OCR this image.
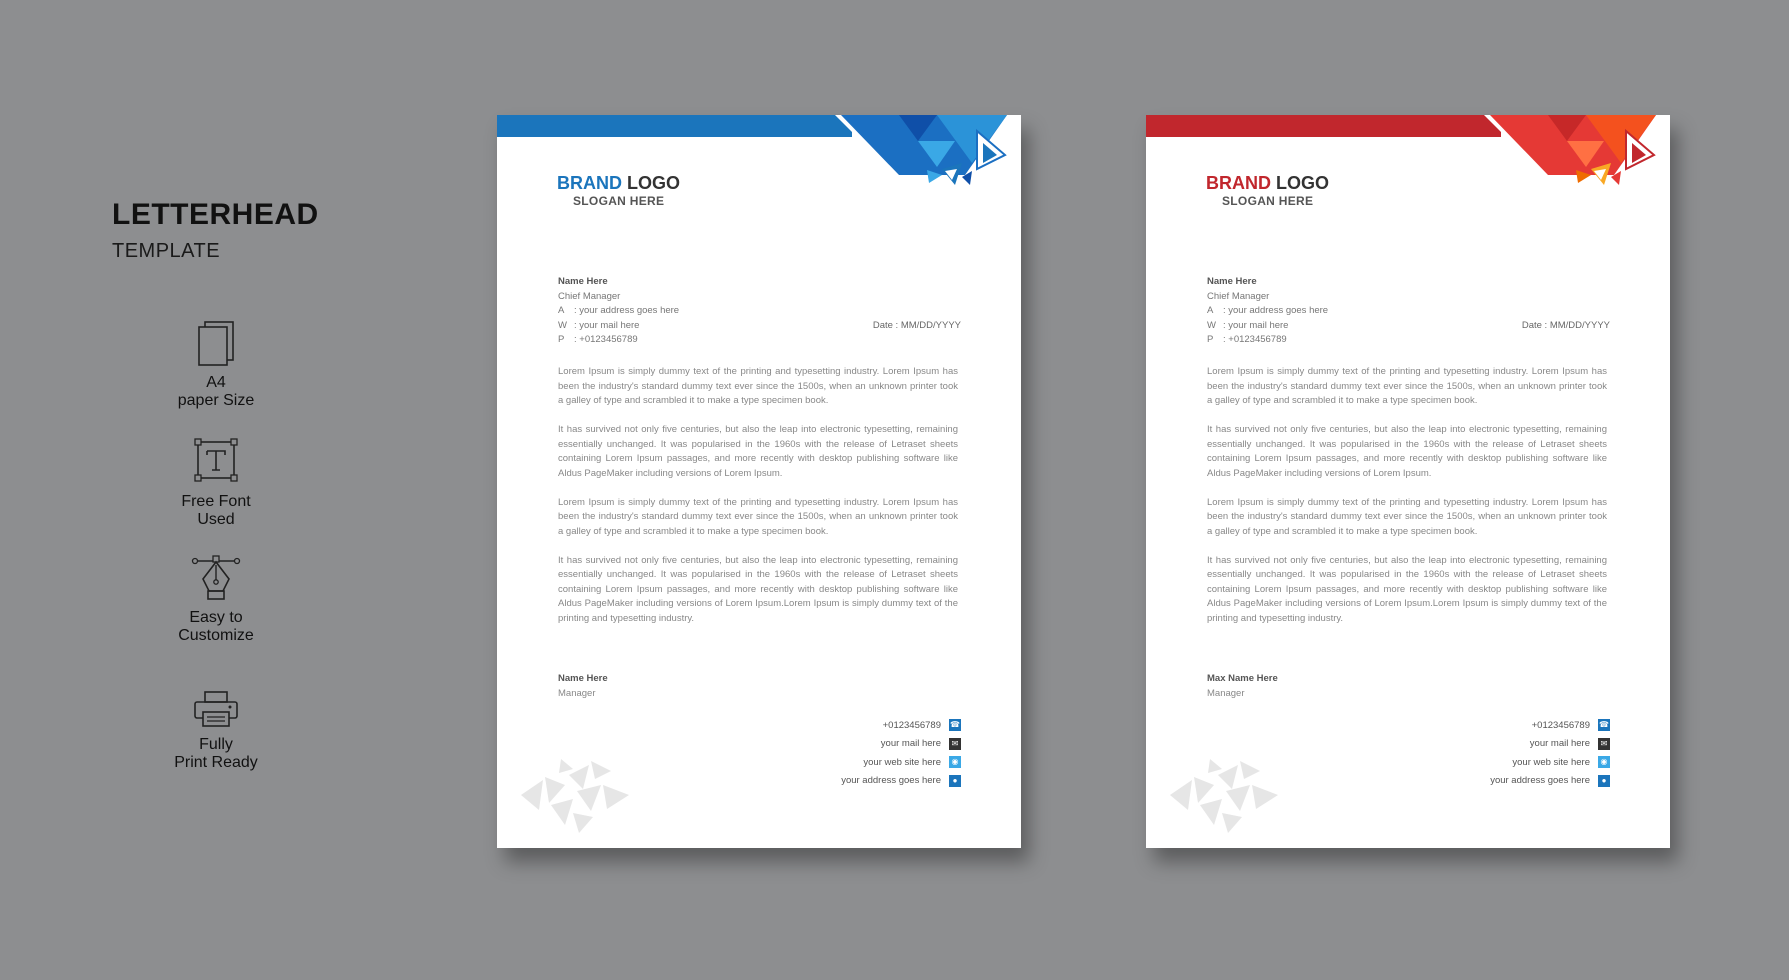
LETTERHEAD
TEMPLATE
A4
paper Size
Free Font
Used
Easy to
Customize
Fully
Print Ready
BRAND LOGO
SLOGAN HERE
Name Here
Chief Manager
A : your address goes here
W : your mail here
P : +0123456789
Date : MM/DD/YYYY

Lorem Ipsum is simply dummy text of the printing and typesetting industry. Lorem Ipsum has been the industry's standard dummy text ever since the 1500s, when an unknown printer took a galley of type and scrambled it to make a type specimen book.

It has survived not only five centuries, but also the leap into electronic typesetting, remaining essentially unchanged. It was popularised in the 1960s with the release of Letraset sheets containing Lorem Ipsum passages, and more recently with desktop publishing software like Aldus PageMaker including versions of Lorem Ipsum.

Lorem Ipsum is simply dummy text of the printing and typesetting industry. Lorem Ipsum has been the industry's standard dummy text ever since the 1500s, when an unknown printer took a galley of type and scrambled it to make a type specimen book.

It has survived not only five centuries, but also the leap into electronic typesetting, remaining essentially unchanged. It was popularised in the 1960s with the release of Letraset sheets containing Lorem Ipsum passages, and more recently with desktop publishing software like Aldus PageMaker including versions of Lorem Ipsum.Lorem Ipsum is simply dummy text of the printing and typesetting industry.

Name Here
Manager
+0123456789 ☎
your mail here	✉
your web site here	◉
your address goes here	●
BRAND LOGO
SLOGAN HERE
Name Here
Chief Manager
A : your address goes here
W : your mail here
P : +0123456789
Date : MM/DD/YYYY

Lorem Ipsum is simply dummy text of the printing and typesetting industry. Lorem Ipsum has been the industry's standard dummy text ever since the 1500s, when an unknown printer took a galley of type and scrambled it to make a type specimen book.

It has survived not only five centuries, but also the leap into electronic typesetting, remaining essentially unchanged. It was popularised in the 1960s with the release of Letraset sheets containing Lorem Ipsum passages, and more recently with desktop publishing software like Aldus PageMaker including versions of Lorem Ipsum.

Lorem Ipsum is simply dummy text of the printing and typesetting industry. Lorem Ipsum has been the industry's standard dummy text ever since the 1500s, when an unknown printer took a galley of type and scrambled it to make a type specimen book.

It has survived not only five centuries, but also the leap into electronic typesetting, remaining essentially unchanged. It was popularised in the 1960s with the release of Letraset sheets containing Lorem Ipsum passages, and more recently with desktop publishing software like Aldus PageMaker including versions of Lorem Ipsum.Lorem Ipsum is simply dummy text of the printing and typesetting industry.

Max Name Here
Manager
+0123456789 ☎
your mail here	✉
your web site here	◉
your address goes here	●
